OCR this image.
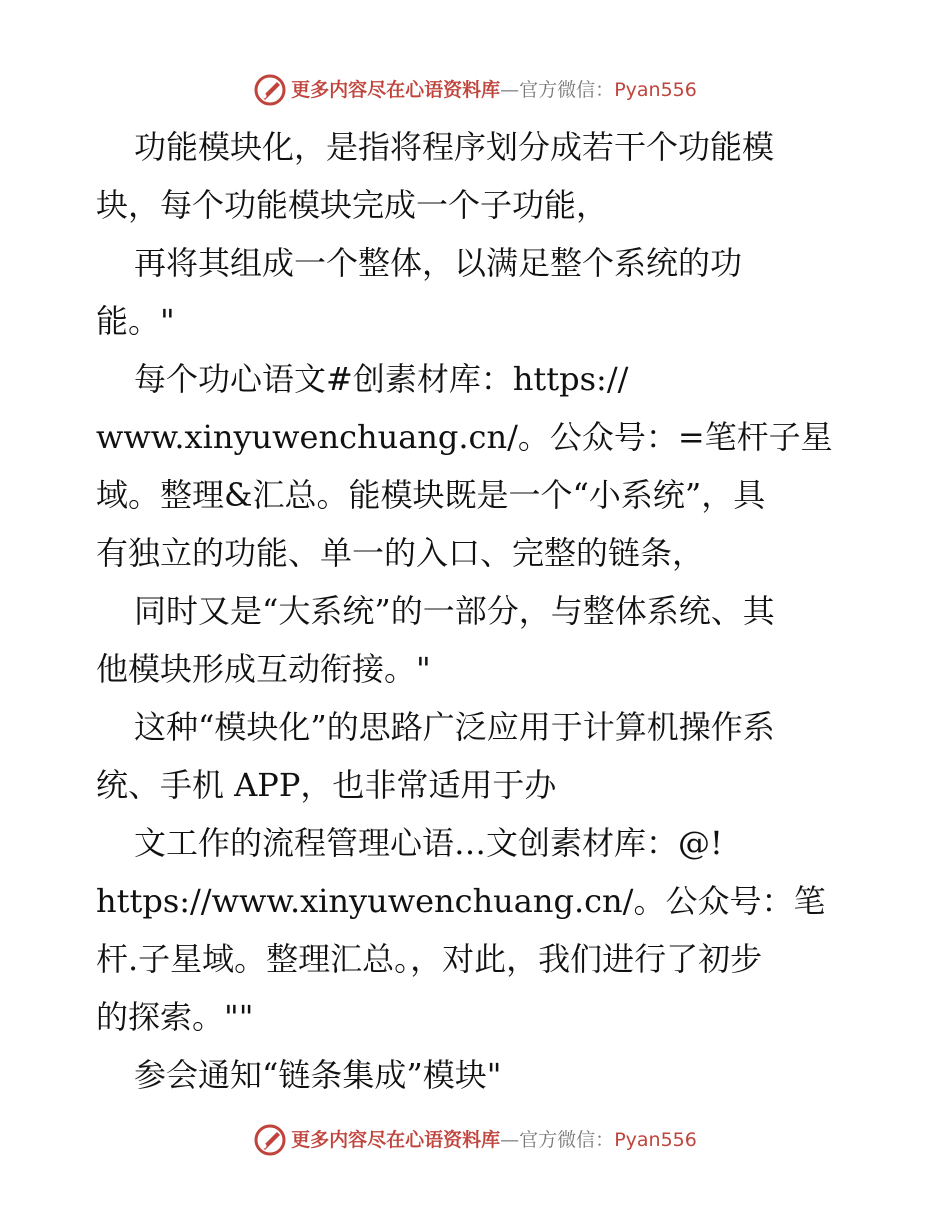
更多内容尽在心语资料库 — 官方微信： Pyan556
功能模块化，是指将程序划分成若干个功能模
块，每个功能模块完成一个子功能，
再将其组成一个整体，以满足整个系统的功
能。"
每个功心语文#创素材库：https://
www.xinyuwenchuang.cn/。公众号：=笔杆子星
域。整理&汇总。能模块既是一个“小系统”，具
有独立的功能、单一的入口、完整的链条，
同时又是“大系统”的一部分，与整体系统、其
他模块形成互动衔接。"
这种“模块化”的思路广泛应用于计算机操作系
统、手机 APP，也非常适用于办
文工作的流程管理心语…文创素材库：@!
https://www.xinyuwenchuang.cn/。公众号：笔
杆.子星域。整理汇总。，对此，我们进行了初步
的探索。""
参会通知“链条集成”模块"
更多内容尽在心语资料库 — 官方微信： Pyan556
